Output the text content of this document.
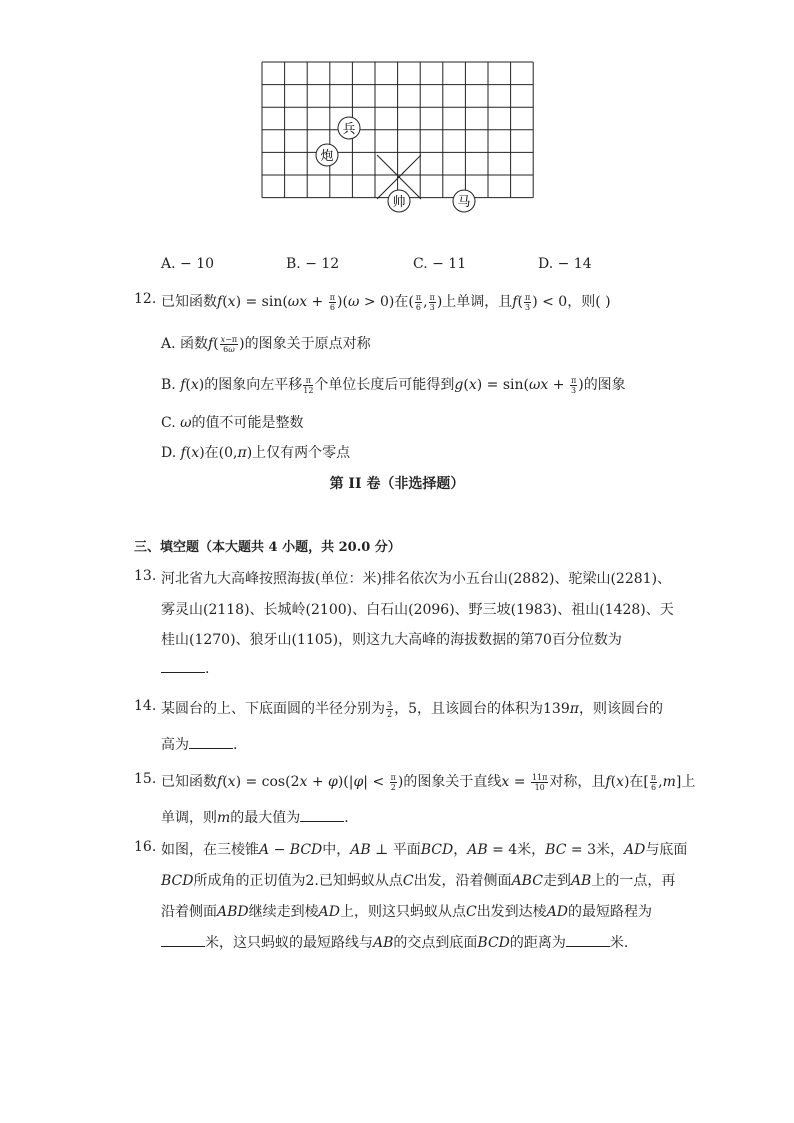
兵
炮
帅	马
A. − 10	B. − 12	C. − 11	D. − 14
12. 已知函数$f(x) = \sin(\omega x + \frac{\pi}{6} )(\omega > 0)$在( $\frac{\pi}{6}$ , $\frac{\pi}{3}$ )上单调，且$f( \frac{\pi}{3}$ ) < 0，则( )
A. 函数$f( \frac{x-\pi}{6\omega}$ )的图象关于原点对称
B. f(x)的图象向左平移 $\frac{\pi}{12}$ 个单位长度后可能得到$g(x) = \sin(\omega x + \frac{\pi}{3}$ )的图象
C. ω的值不可能是整数
D. f(x)在(0,π)上仅有两个零点
第 II 卷（非选择题）
三、填空题（本大题共 4 小题，共 20.0 分）
13. 河北省九大高峰按照海拔(单位：米)排名依次为小五台山(2882)、驼梁山(2281)、
雾灵山(2118)、长城岭(2100)、白石山(2096)、野三坡(1983)、祖山(1428)、天
桂山(1270)、狼牙山(1105)，则这九大高峰的海拔数据的第70百分位数为
.
14. 某圆台的上、下底面圆的半径分别为 $\frac{3}{2}$ ，5，且该圆台的体积为139π，则该圆台的
高为	.
15. 已知函数$f(x) = \cos(2x + \varphi)(|\varphi| < \frac{\pi}{2}$ )的图象关于直线$x = \frac{11\pi}{10}$ 对称，且f(x)在[ $\frac{\pi}{6} ,m$]上
单调，则m的最大值为	.
16. 如图，在三棱锥A − BCD中，AB ⊥ 平面BCD，AB = 4米，BC = 3米，AD与底面
BCD所成角的正切值为2.已知蚂蚁从点C出发，沿着侧面ABC走到AB上的一点，再
沿着侧面ABD继续走到棱AD上，则这只蚂蚁从点C出发到达棱AD的最短路程为
米，这只蚂蚁的最短路线与AB的交点到底面BCD的距离为	米.
